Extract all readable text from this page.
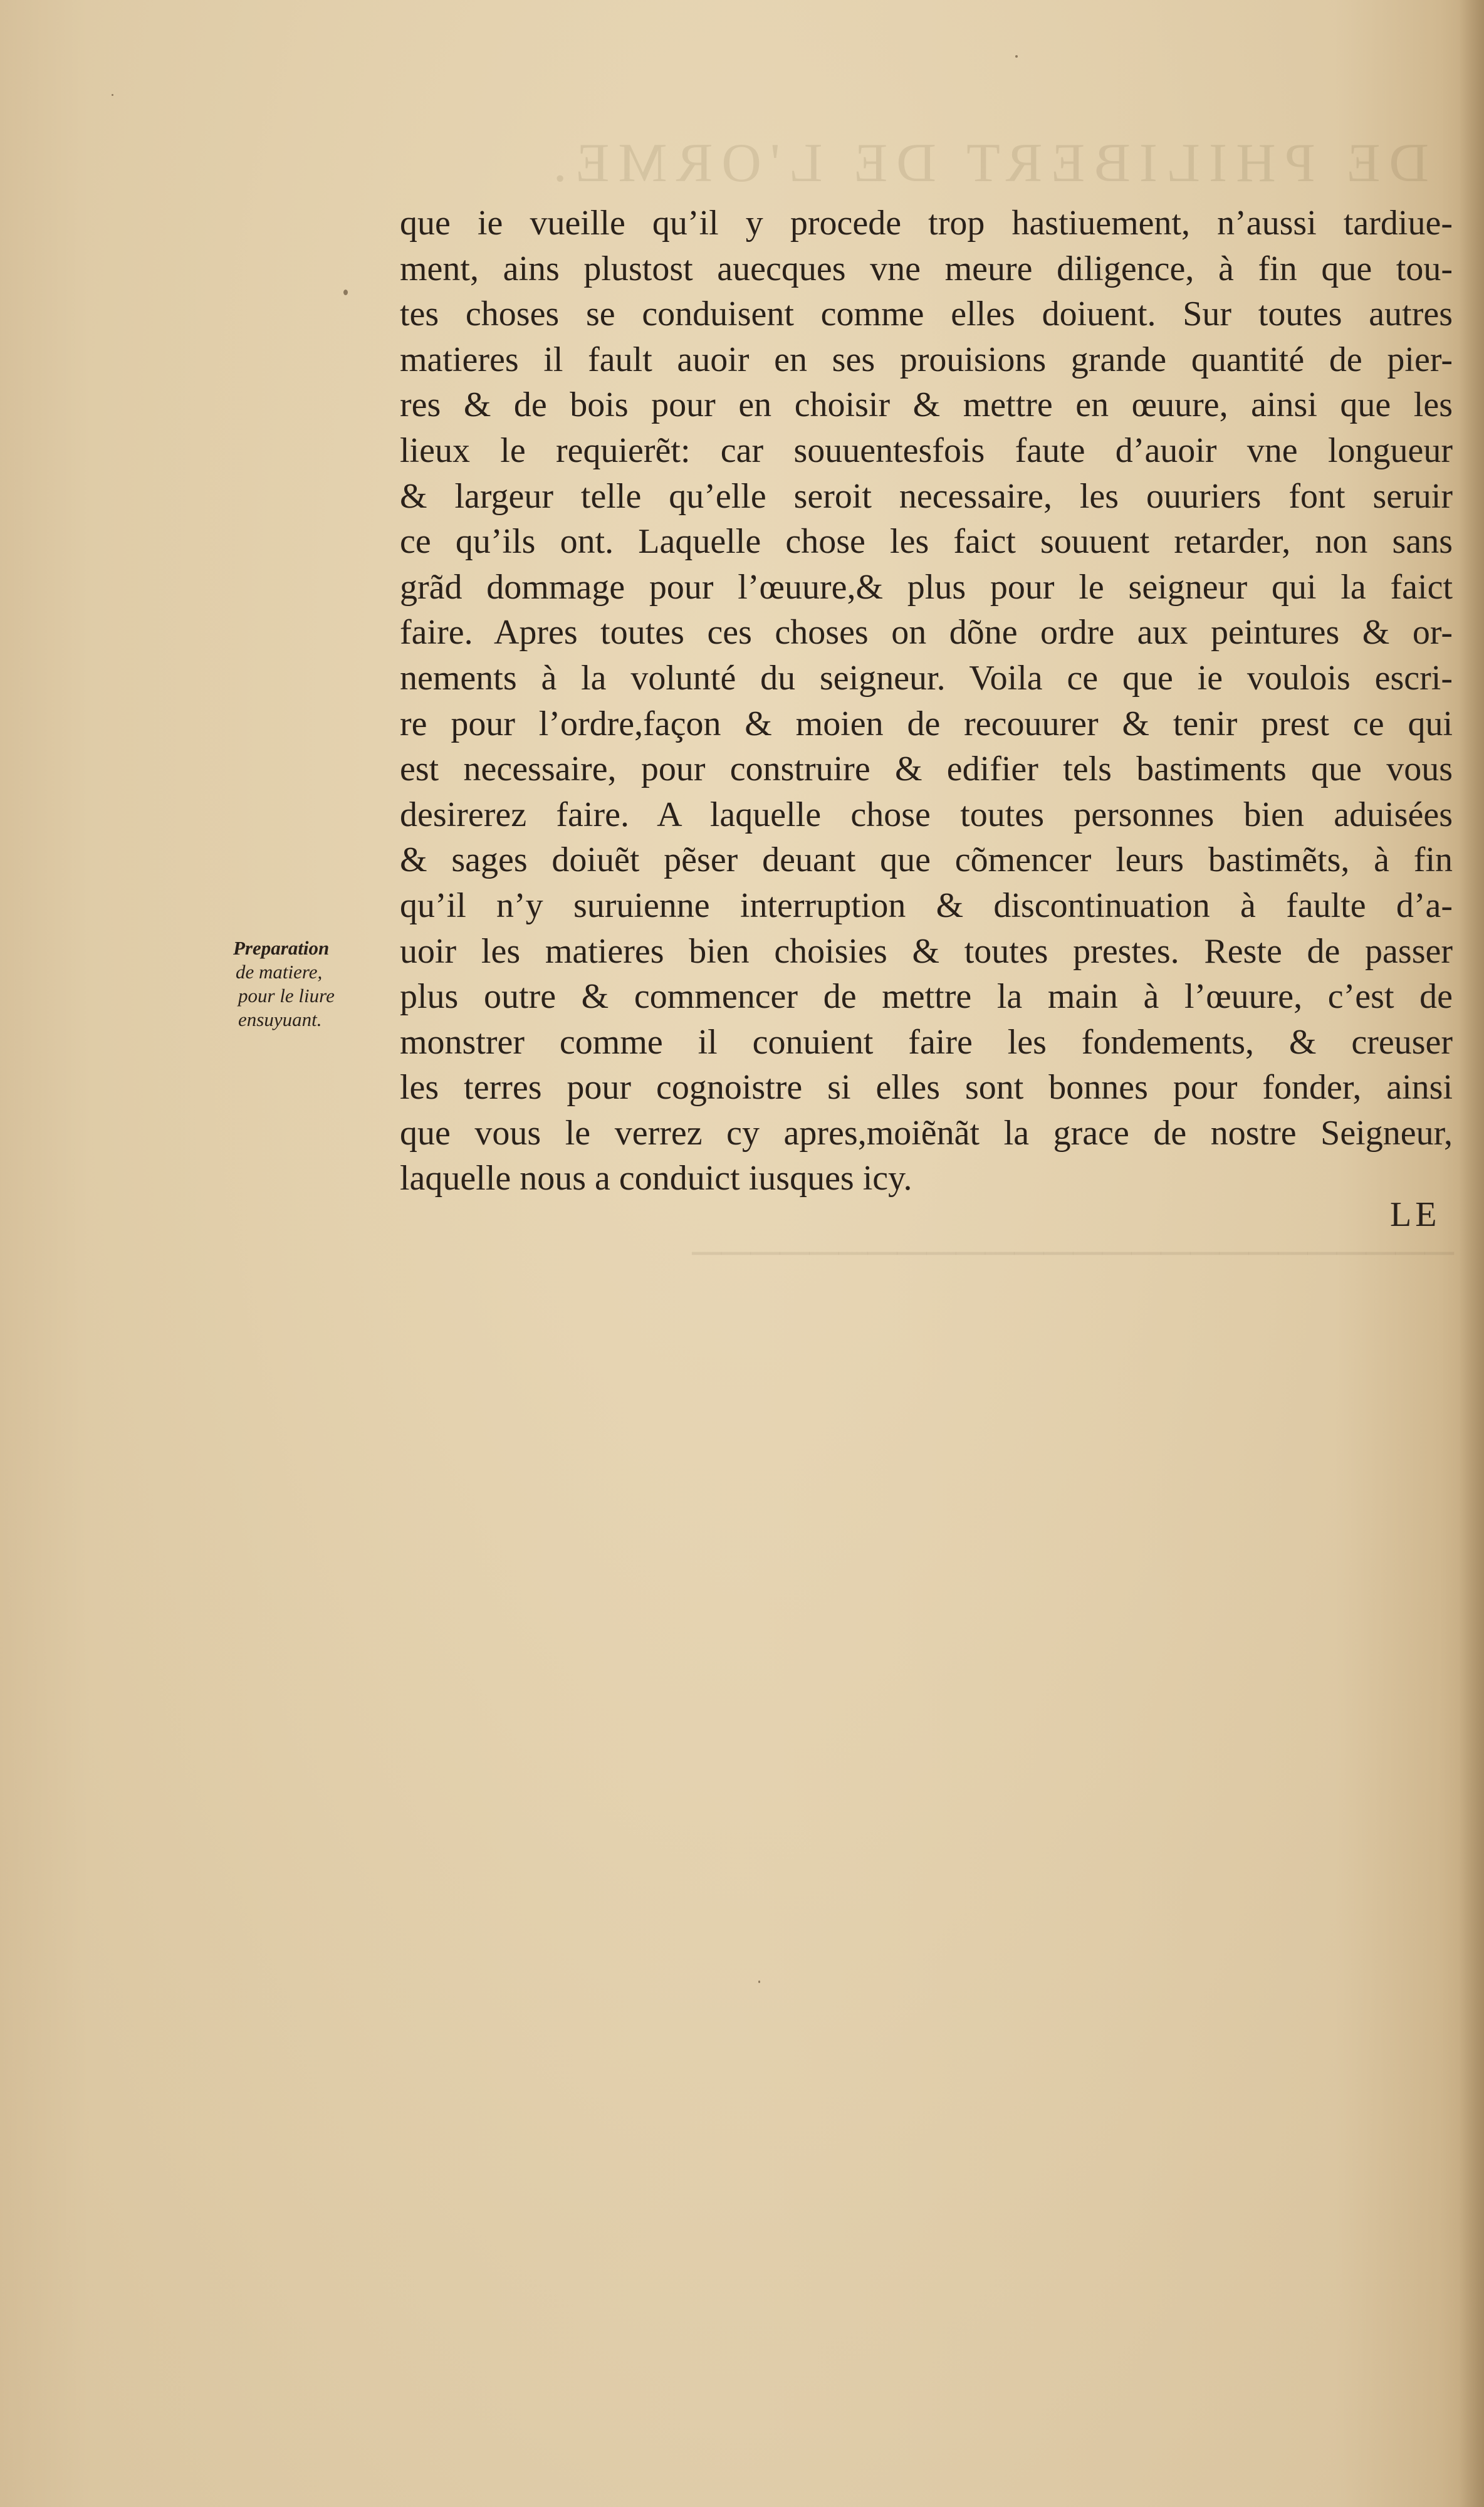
DE PHILIBERT DE L'ORME.
──────────────────────────
que ie vueille qu’il y procede trop hastiuement, n’aussi tardiue-
ment, ains plustost auecques vne meure diligence, à fin que tou-
tes choses se conduisent comme elles doiuent. Sur toutes autres
matieres il fault auoir en ses prouisions grande quantité de pier-
res & de bois pour en choisir & mettre en œuure, ainsi que les
lieux le requierẽt: car souuentesfois faute d’auoir vne longueur
& largeur telle qu’elle seroit necessaire, les ouuriers font seruir
ce qu’ils ont. Laquelle chose les faict souuent retarder, non sans
grãd dommage pour l’œuure,& plus pour le seigneur qui la faict
faire. Apres toutes ces choses on dõne ordre aux peintures & or-
nements à la volunté du seigneur. Voila ce que ie voulois escri-
re pour l’ordre,façon & moien de recouurer & tenir prest ce qui
est necessaire, pour construire & edifier tels bastiments que vous
desirerez faire. A laquelle chose toutes personnes bien aduisées
& sages doiuẽt pẽser deuant que cõmencer leurs bastimẽts, à fin
qu’il n’y suruienne interruption & discontinuation à faulte d’a-
uoir les matieres bien choisies & toutes prestes. Reste de passer
plus outre & commencer de mettre la main à l’œuure, c’est de
monstrer comme il conuient faire les fondements, & creuser
les terres pour cognoistre si elles sont bonnes pour fonder, ainsi
que vous le verrez cy apres,moiẽnãt la grace de nostre Seigneur,
laquelle nous a conduict iusques icy.
LE
Preparation
de matiere,
pour le liure
ensuyuant.
